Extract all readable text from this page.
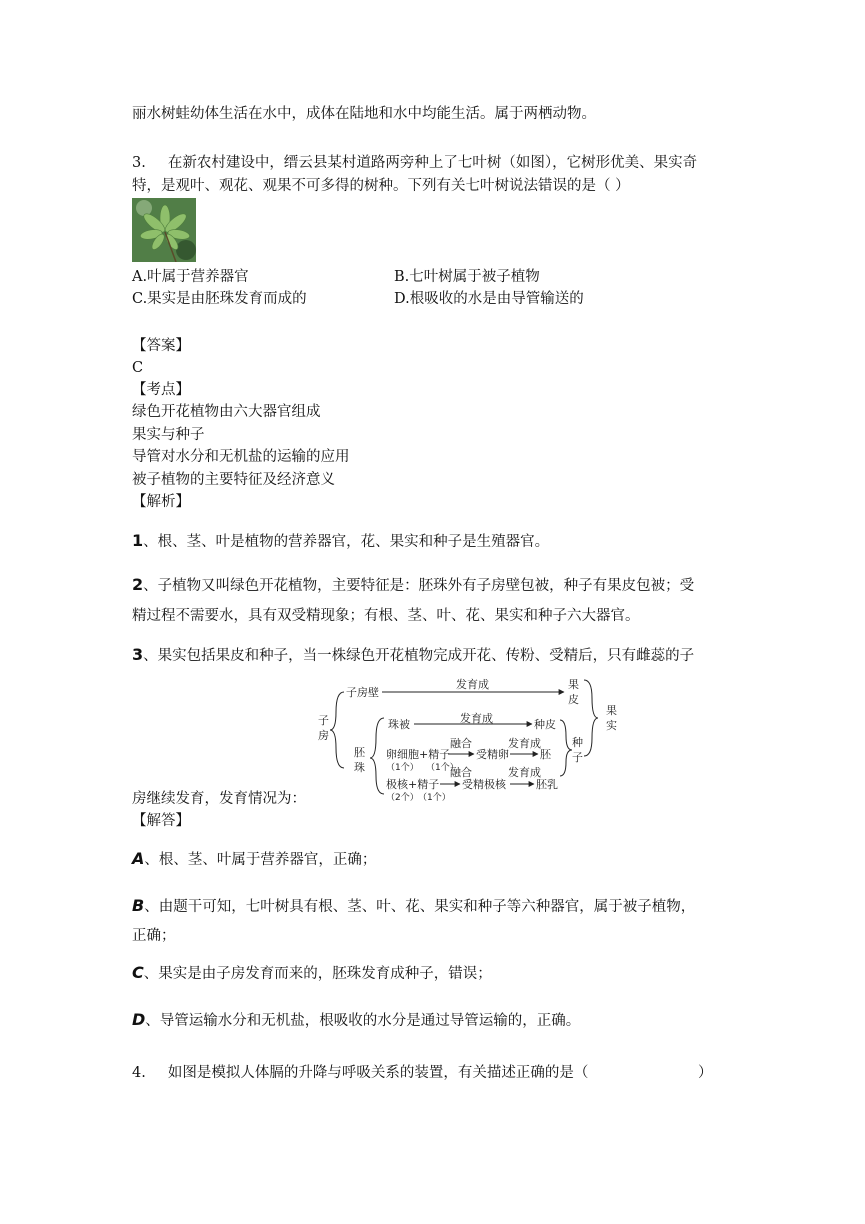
丽水树蛙幼体生活在水中，成体在陆地和水中均能生活。属于两栖动物。
3. 在新农村建设中，缙云县某村道路两旁种上了七叶树（如图），它树形优美、果实奇
特，是观叶、观花、观果不可多得的树种。下列有关七叶树说法错误的是（ ）
A.叶属于营养器官	B.七叶树属于被子植物
C.果实是由胚珠发育而成的	D.根吸收的水是由导管输送的
【答案】
C
【考点】
绿色开花植物由六大器官组成
果实与种子
导管对水分和无机盐的运输的应用
被子植物的主要特征及经济意义
【解析】
1、根、茎、叶是植物的营养器官，花、果实和种子是生殖器官。
2、子植物又叫绿色开花植物，主要特征是：胚珠外有子房壁包被，种子有果皮包被；受
精过程不需要水，具有双受精现象；有根、茎、叶、花、果实和种子六大器官。
3、果实包括果皮和种子，当一株绿色开花植物完成开花、传粉、受精后，只有雌蕊的子
子
房
子房壁
发育成	果
皮
果
实
胚
珠
珠被	发育成	种皮
卵细胞+精子
（1个） （1个）
融合
受精卵
发育成
胚
种
子
极核+精子
（2个） （1个）
融合
受精极核
发育成
胚乳
房继续发育，发育情况为：
【解答】
A、根、茎、叶属于营养器官，正确；
B、由题干可知，七叶树具有根、茎、叶、花、果实和种子等六种器官，属于被子植物，
正确；
C、果实是由子房发育而来的，胚珠发育成种子，错误；
D、导管运输水分和无机盐，根吸收的水分是通过导管运输的，正确。
4. 如图是模拟人体膈的升降与呼吸关系的装置，有关描述正确的是（	）
